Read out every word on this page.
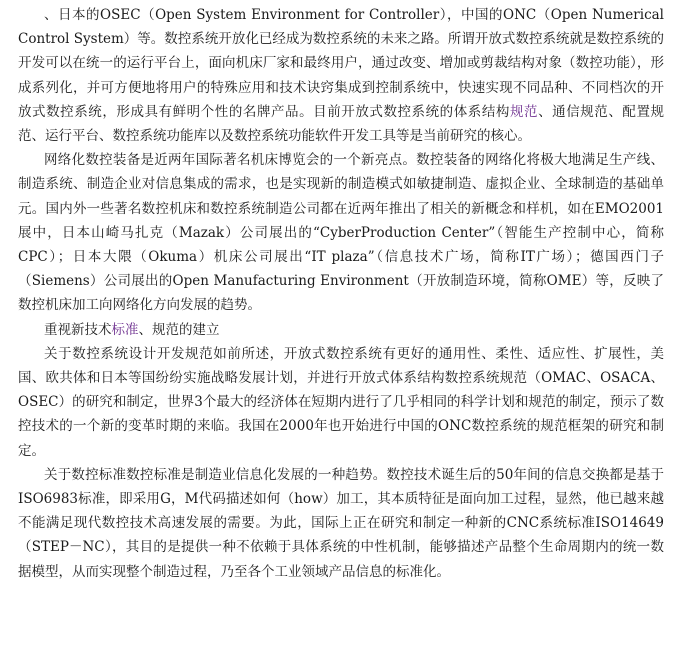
、日本的OSEC（Open System Environment for Controller），中国的ONC（Open Numerical Control System）等。数控系统开放化已经成为数控系统的未来之路。所谓开放式数控系统就是数控系统的开发可以在统一的运行平台上，面向机床厂家和最终用户，通过改变、增加或剪裁结构对象（数控功能），形成系列化，并可方便地将用户的特殊应用和技术诀窍集成到控制系统中，快速实现不同品种、不同档次的开放式数控系统，形成具有鲜明个性的名牌产品。目前开放式数控系统的体系结构规范、通信规范、配置规范、运行平台、数控系统功能库以及数控系统功能软件开发工具等是当前研究的核心。

网络化数控装备是近两年国际著名机床博览会的一个新亮点。数控装备的网络化将极大地满足生产线、制造系统、制造企业对信息集成的需求，也是实现新的制造模式如敏捷制造、虚拟企业、全球制造的基础单元。国内外一些著名数控机床和数控系统制造公司都在近两年推出了相关的新概念和样机，如在EMO2001展中，日本山崎马扎克（Mazak）公司展出的“CyberProduction Center”（智能生产控制中心，简称CPC）；日本大隈（Okuma）机床公司展出“IT plaza”（信息技术广场，简称IT广场）；德国西门子（Siemens）公司展出的Open Manufacturing Environment（开放制造环境，简称OME）等，反映了数控机床加工向网络化方向发展的趋势。

重视新技术标准、规范的建立

关于数控系统设计开发规范如前所述，开放式数控系统有更好的通用性、柔性、适应性、扩展性，美国、欧共体和日本等国纷纷实施战略发展计划，并进行开放式体系结构数控系统规范（OMAC、OSACA、OSEC）的研究和制定，世界3个最大的经济体在短期内进行了几乎相同的科学计划和规范的制定，预示了数控技术的一个新的变革时期的来临。我国在2000年也开始进行中国的ONC数控系统的规范框架的研究和制定。

关于数控标准数控标准是制造业信息化发展的一种趋势。数控技术诞生后的50年间的信息交换都是基于ISO6983标准，即采用G，M代码描述如何（how）加工，其本质特征是面向加工过程，显然，他已越来越不能满足现代数控技术高速发展的需要。为此，国际上正在研究和制定一种新的CNC系统标准ISO14649（STEP－NC），其目的是提供一种不依赖于具体系统的中性机制，能够描述产品整个生命周期内的统一数据模型，从而实现整个制造过程，乃至各个工业领域产品信息的标准化。
